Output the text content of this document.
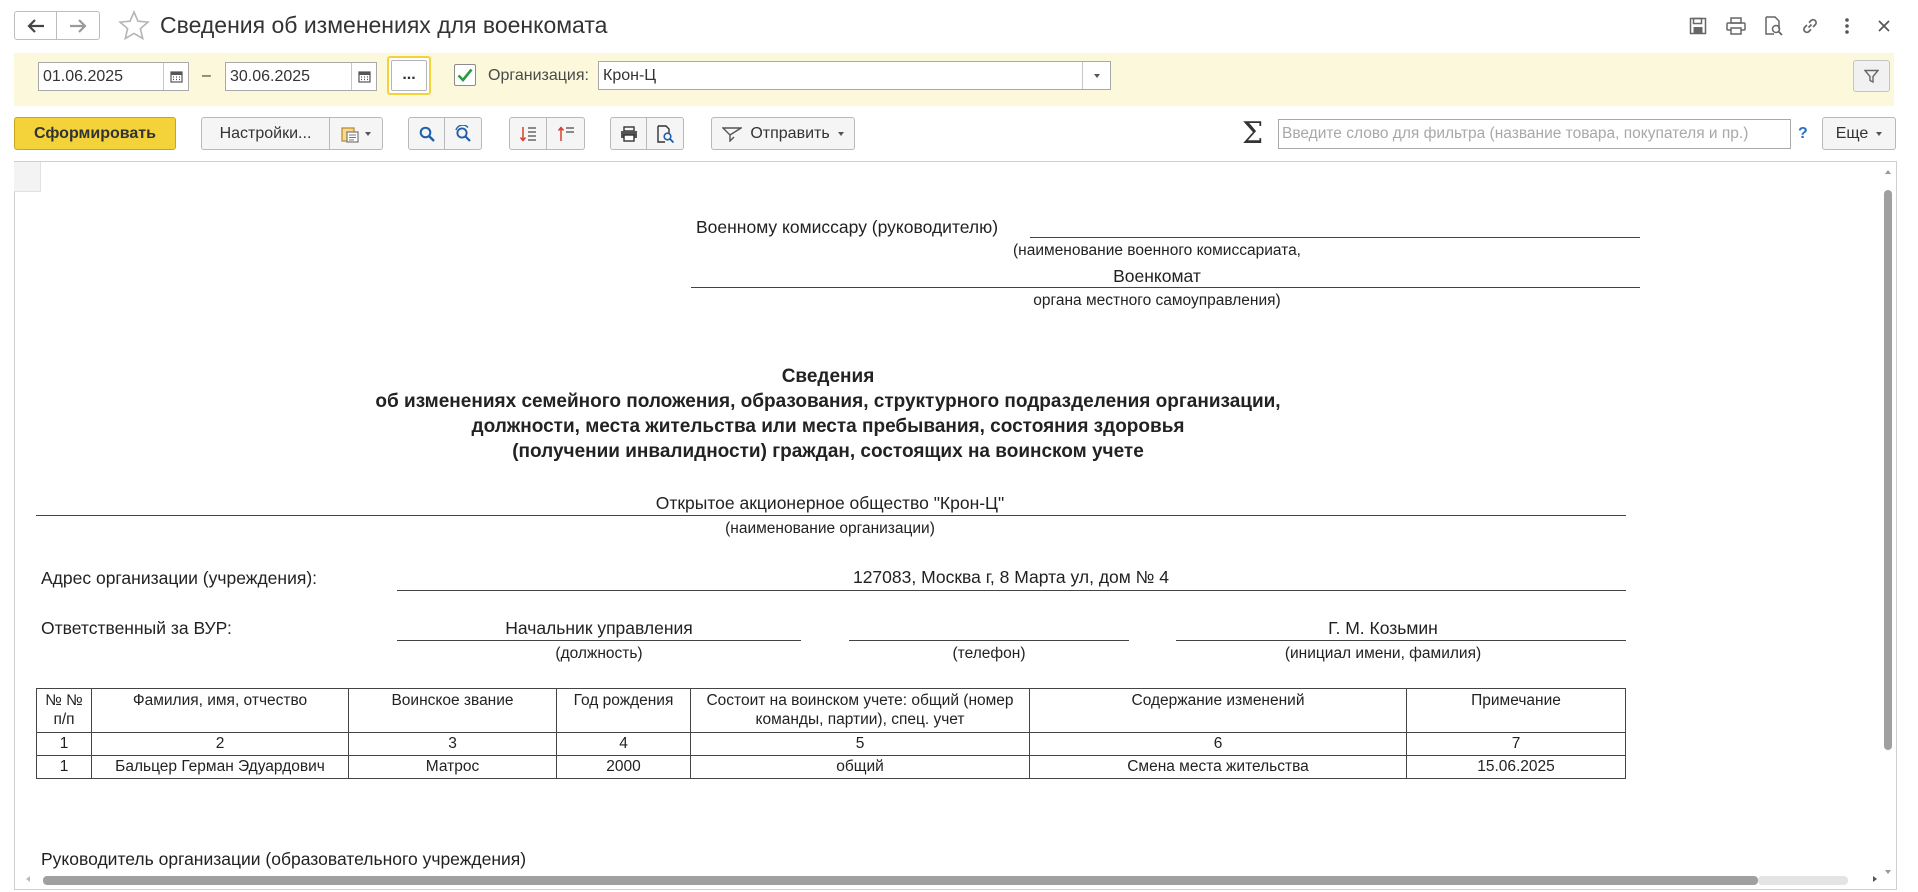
Сведения об изменениях для военкомата
01.06.2025	– 30.06.2025	...	Организация: Крон-Ц
Сформировать	Настройки...	Отправить	Σ Введите слово для фильтра (название товара, покупателя и пр.)	? Еще
Военному комиссару (руководителю)
(наименование военного комиссариата,
Военкомат
органа местного самоуправления)
Сведения
об изменениях семейного положения, образования, структурного подразделения организации,
должности, места жительства или места пребывания, состояния здоровья
(получении инвалидности) граждан, состоящих на воинском учете
Открытое акционерное общество "Крон-Ц"
(наименование организации)
Адрес организации (учреждения):	127083, Москва г, 8 Марта ул, дом № 4
Ответственный за ВУР:	Начальник управления
(должность)	(телефон)
Г. М. Козьмин
(инициал имени, фамилия)
Руководитель организации (образовательного учреждения)
№ № п/п	Фамилия, имя, отчество	Воинское звание	Год рождения	Состоит на воинском учете: общий (номер команды, партии), спец. учет	Содержание изменений	Примечание
1	2	3	4	5	6	7
1	Бальцер Герман Эдуардович	Матрос	2000	общий	Смена места жительства	15.06.2025
